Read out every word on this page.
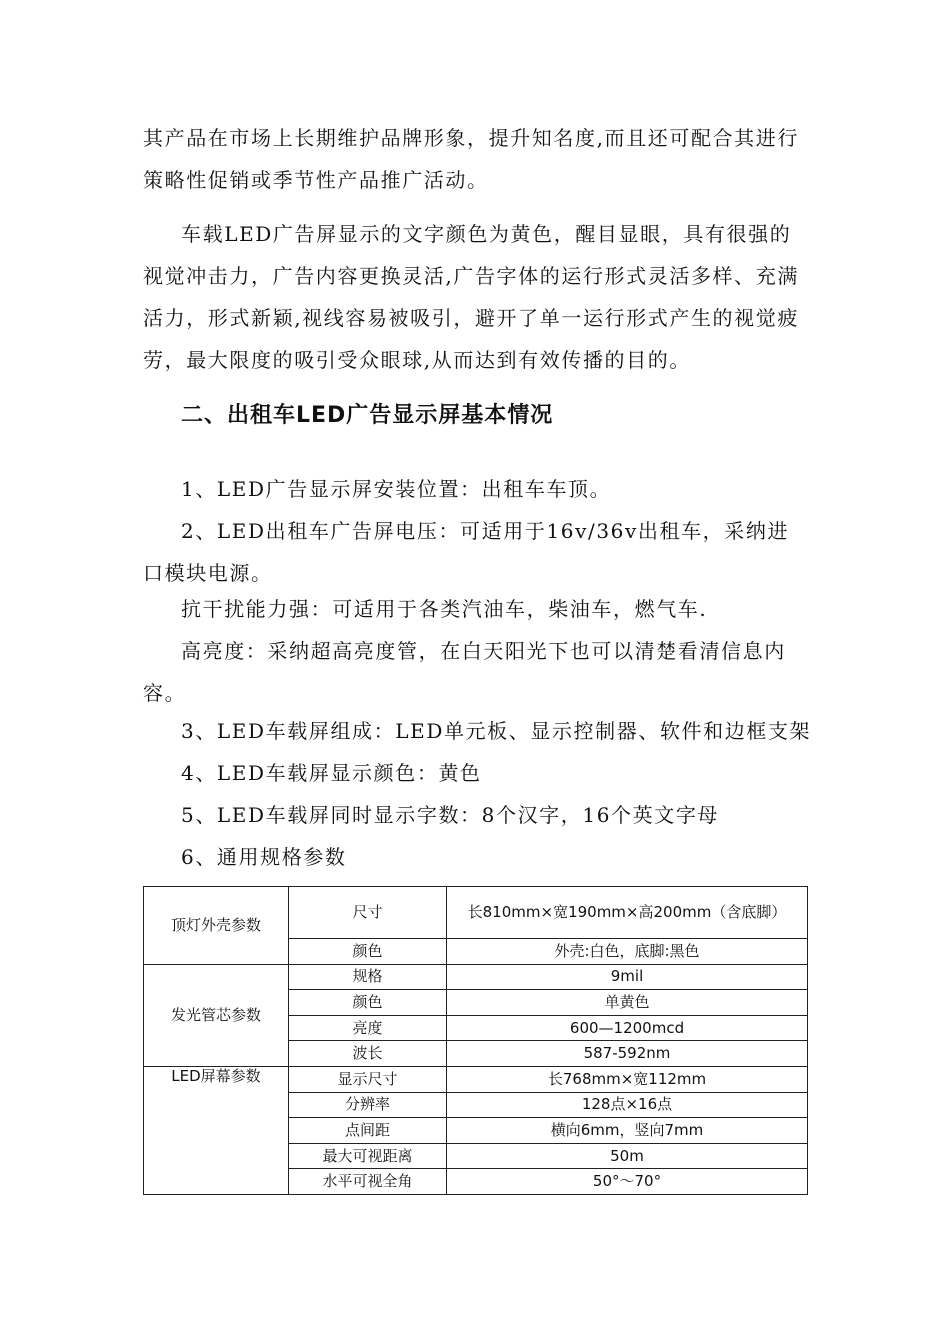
其产品在市场上长期维护品牌形象，提升知名度,而且还可配合其进行策略性促销或季节性产品推广活动。

车载LED广告屏显示的文字颜色为黄色，醒目显眼，具有很强的视觉冲击力，广告内容更换灵活,广告字体的运行形式灵活多样、充满活力，形式新颖,视线容易被吸引，避开了单一运行形式产生的视觉疲劳，最大限度的吸引受众眼球,从而达到有效传播的目的。

二、出租车LED广告显示屏基本情况

1、LED广告显示屏安装位置：出租车车顶。

2、LED出租车广告屏电压：可适用于16v/36v出租车，采纳进口模块电源。

抗干扰能力强：可适用于各类汽油车，柴油车，燃气车.

高亮度：采纳超高亮度管，在白天阳光下也可以清楚看清信息内容。

3、LED车载屏组成：LED单元板、显示控制器、软件和边框支架

4、LED车载屏显示颜色：黄色

5、LED车载屏同时显示字数：8个汉字，16个英文字母

6、通用规格参数

顶灯外壳参数	尺寸	长810mm×宽190mm×高200mm（含底脚）
	颜色	外壳:白色，底脚:黑色
发光管芯参数	规格	9mil
	颜色	单黄色
	亮度	600—1200mcd
	波长	587-592nm
LED屏幕参数	显示尺寸	长768mm×宽112mm
	分辨率	128点×16点
	点间距	横向6mm，竖向7mm
	最大可视距离	50m
	水平可视全角	50°～70°
